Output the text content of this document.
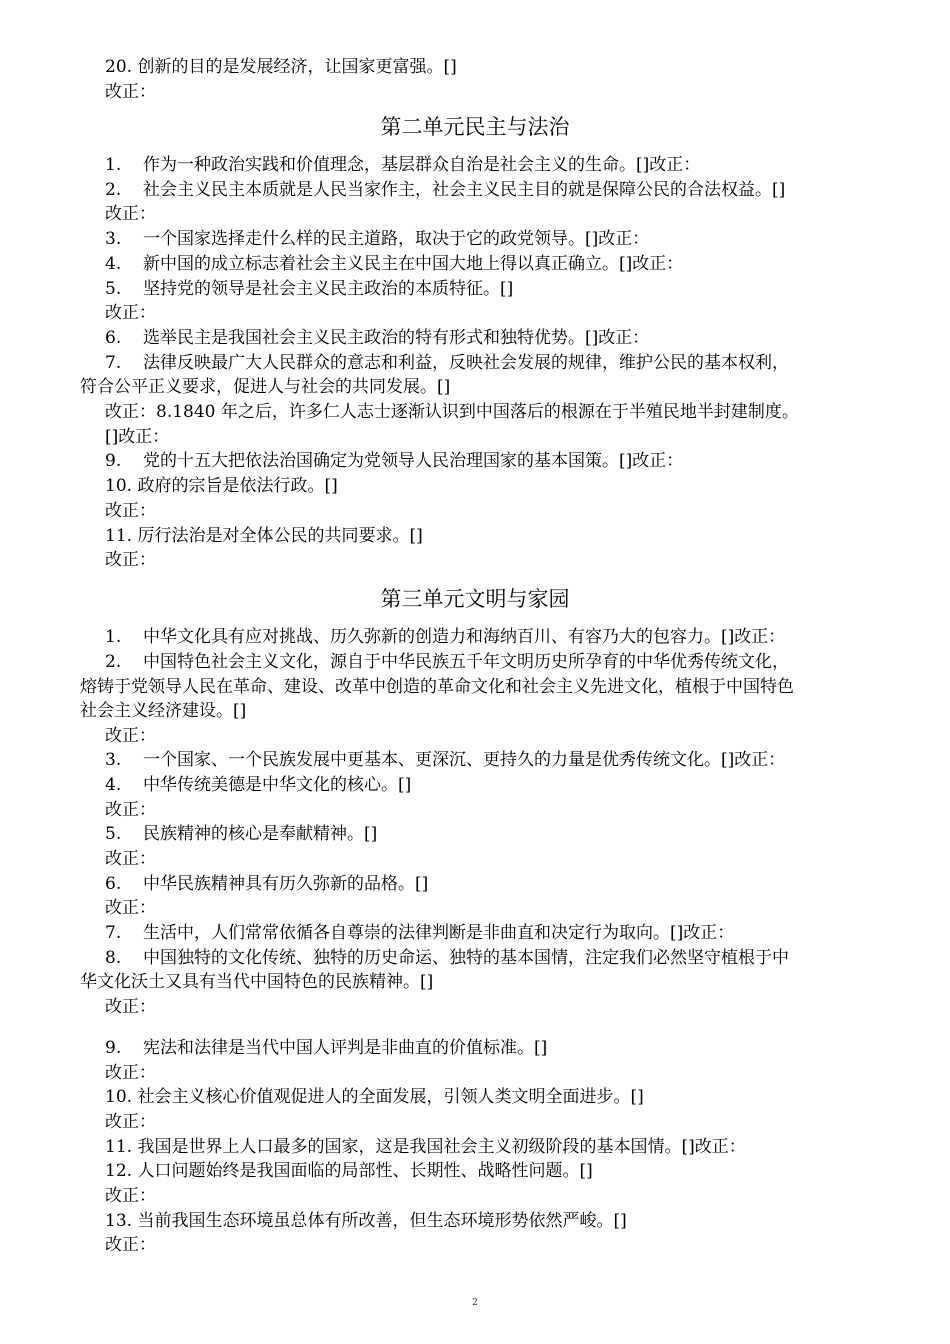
20. 创新的目的是发展经济，让国家更富强。[]
改正：
第二单元民主与法治
1. 作为一种政治实践和价值理念，基层群众自治是社会主义的生命。[]改正：
2. 社会主义民主本质就是人民当家作主，社会主义民主目的就是保障公民的合法权益。[]
改正：
3. 一个国家选择走什么样的民主道路，取决于它的政党领导。[]改正：
4. 新中国的成立标志着社会主义民主在中国大地上得以真正确立。[]改正：
5. 坚持党的领导是社会主义民主政治的本质特征。[]
改正：
6. 选举民主是我国社会主义民主政治的特有形式和独特优势。[]改正：
7. 法律反映最广大人民群众的意志和利益，反映社会发展的规律，维护公民的基本权利，
符合公平正义要求，促进人与社会的共同发展。[]
改正：8.1840 年之后，许多仁人志士逐渐认识到中国落后的根源在于半殖民地半封建制度。
[]改正：
9. 党的十五大把依法治国确定为党领导人民治理国家的基本国策。[]改正：
10. 政府的宗旨是依法行政。[]
改正：
11. 厉行法治是对全体公民的共同要求。[]
改正：
第三单元文明与家园
1. 中华文化具有应对挑战、历久弥新的创造力和海纳百川、有容乃大的包容力。[]改正：
2. 中国特色社会主义文化，源自于中华民族五千年文明历史所孕育的中华优秀传统文化，
熔铸于党领导人民在革命、建设、改革中创造的革命文化和社会主义先进文化，植根于中国特色
社会主义经济建设。[]
改正：
3. 一个国家、一个民族发展中更基本、更深沉、更持久的力量是优秀传统文化。[]改正：
4. 中华传统美德是中华文化的核心。[]
改正：
5. 民族精神的核心是奉献精神。[]
改正：
6. 中华民族精神具有历久弥新的品格。[]
改正：
7. 生活中，人们常常依循各自尊崇的法律判断是非曲直和决定行为取向。[]改正：
8. 中国独特的文化传统、独特的历史命运、独特的基本国情，注定我们必然坚守植根于中
华文化沃土又具有当代中国特色的民族精神。[]
改正：
9. 宪法和法律是当代中国人评判是非曲直的价值标准。[]
改正：
10. 社会主义核心价值观促进人的全面发展，引领人类文明全面进步。[]
改正：
11. 我国是世界上人口最多的国家，这是我国社会主义初级阶段的基本国情。[]改正：
12. 人口问题始终是我国面临的局部性、长期性、战略性问题。[]
改正：
13. 当前我国生态环境虽总体有所改善，但生态环境形势依然严峻。[]
改正：
2
